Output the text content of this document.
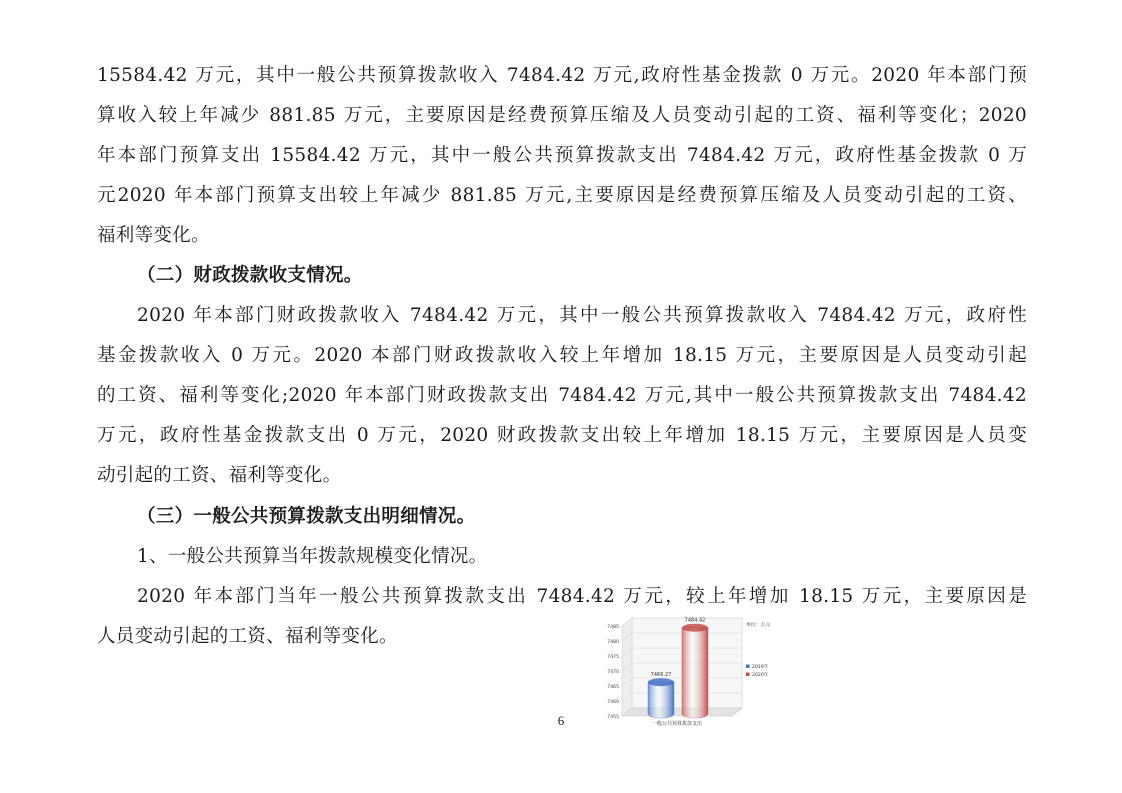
15584.42 万元，其中一般公共预算拨款收入 7484.42 万元,政府性基金拨款 0 万元。2020 年本部门预
算收入较上年减少 881.85 万元，主要原因是经费预算压缩及人员变动引起的工资、福利等变化；2020
年本部门预算支出 15584.42 万元，其中一般公共预算拨款支出 7484.42 万元，政府性基金拨款 0 万
元2020 年本部门预算支出较上年减少 881.85 万元,主要原因是经费预算压缩及人员变动引起的工资、
福利等变化。
（二）财政拨款收支情况。
2020 年本部门财政拨款收入 7484.42 万元，其中一般公共预算拨款收入 7484.42 万元，政府性
基金拨款收入 0 万元。2020 本部门财政拨款收入较上年增加 18.15 万元，主要原因是人员变动引起
的工资、福利等变化;2020 年本部门财政拨款支出 7484.42 万元,其中一般公共预算拨款支出 7484.42
万元，政府性基金拨款支出 0 万元，2020 财政拨款支出较上年增加 18.15 万元，主要原因是人员变
动引起的工资、福利等变化。
（三）一般公共预算拨款支出明细情况。
1、一般公共预算当年拨款规模变化情况。
2020 年本部门当年一般公共预算拨款支出 7484.42 万元，较上年增加 18.15 万元，主要原因是
人员变动引起的工资、福利等变化。
7455
7460
7465
7470
7475
7480
7485
7466.27
7484.42
一般公共预算拨款支出
单位：万元
2019年
2020年
6
